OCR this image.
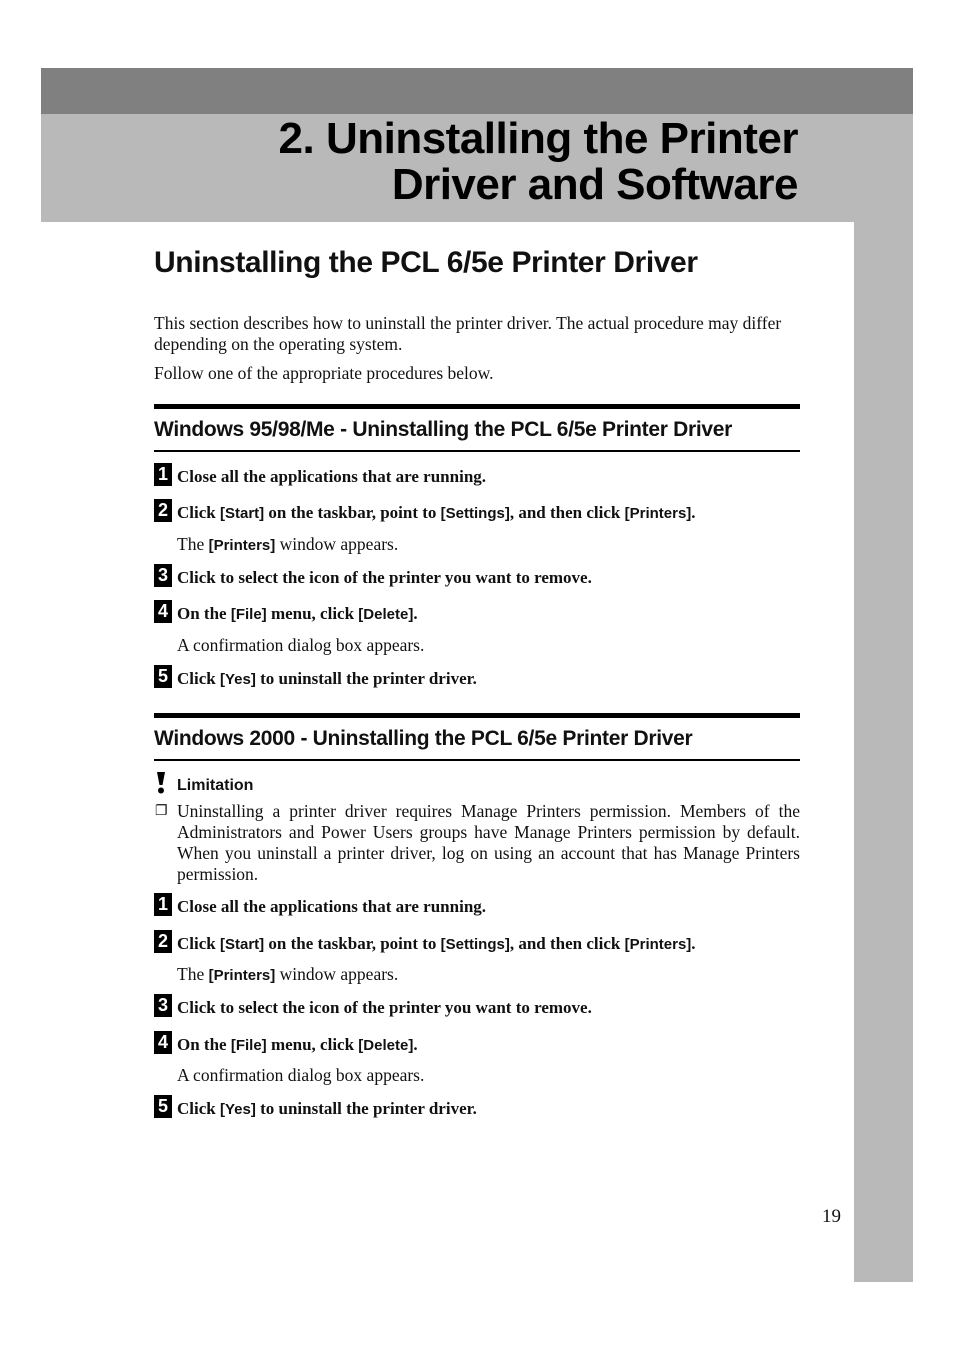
2. Uninstalling the Printer
Driver and Software
Uninstalling the PCL 6/5e Printer Driver

This section describes how to uninstall the printer driver. The actual procedure may differ depending on the operating system.

Follow one of the appropriate procedures below.

Windows 95/98/Me - Uninstalling the PCL 6/5e Printer Driver
1 Close all the applications that are running.
2 Click [Start] on the taskbar, point to [Settings], and then click [Printers].
The [Printers] window appears.
3 Click to select the icon of the printer you want to remove.
4 On the [File] menu, click [Delete].
A confirmation dialog box appears.
5 Click [Yes] to uninstall the printer driver.
Windows 2000 - Uninstalling the PCL 6/5e Printer Driver
Limitation
❐ Uninstalling a printer driver requires Manage Printers permission. Members of the Administrators and Power Users groups have Manage Printers permission by default. When you uninstall a printer driver, log on using an account that has Manage Printers permission.

1 Close all the applications that are running.
2 Click [Start] on the taskbar, point to [Settings], and then click [Printers].
The [Printers] window appears.
3 Click to select the icon of the printer you want to remove.
4 On the [File] menu, click [Delete].
A confirmation dialog box appears.
5 Click [Yes] to uninstall the printer driver.
19
